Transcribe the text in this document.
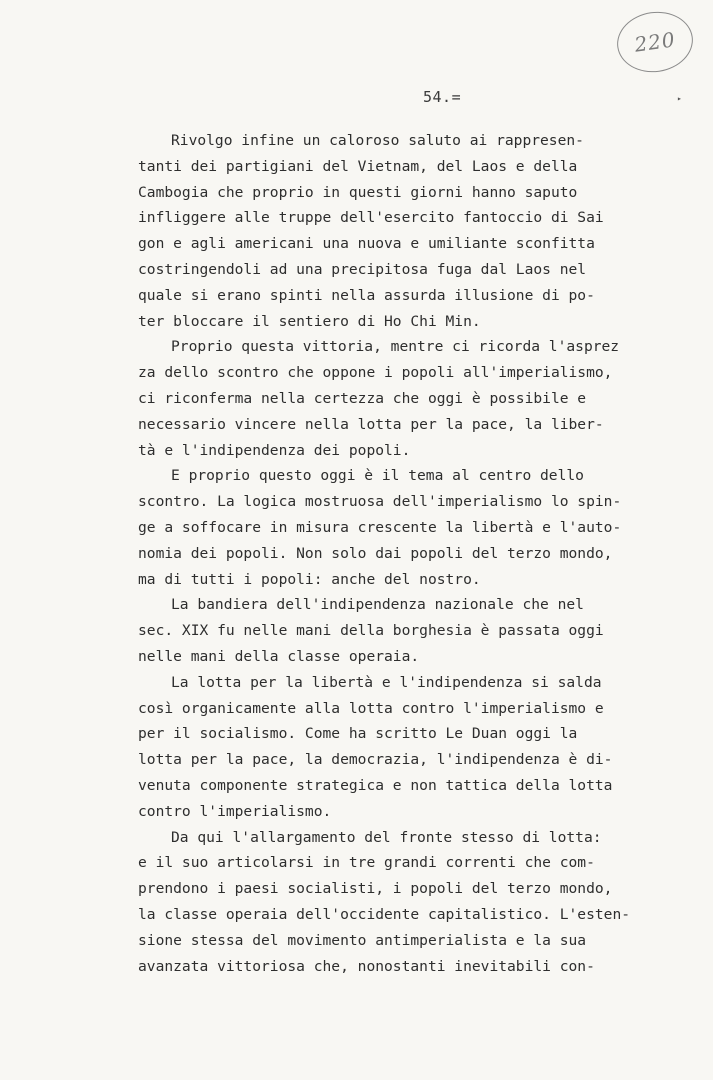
220
54.=	▸
Rivolgo infine un caloroso saluto ai rappresen-
tanti dei partigiani del Vietnam, del Laos e della
Cambogia che proprio in questi giorni hanno saputo
infliggere alle truppe dell'esercito fantoccio di Sai
gon e agli americani una nuova e umiliante sconfitta
costringendoli ad una precipitosa fuga dal Laos nel
quale si erano spinti nella assurda illusione di po-
ter bloccare il sentiero di Ho Chi Min.
Proprio questa vittoria, mentre ci ricorda l'asprez
za dello scontro che oppone i popoli all'imperialismo,
ci riconferma nella certezza che oggi è possibile e
necessario vincere nella lotta per la pace, la liber-
tà e l'indipendenza dei popoli.
E proprio questo oggi è il tema al centro dello
scontro. La logica mostruosa dell'imperialismo lo spin-
ge a soffocare in misura crescente la libertà e l'auto-
nomia dei popoli. Non solo dai popoli del terzo mondo,
ma di tutti i popoli: anche del nostro.
La bandiera dell'indipendenza nazionale che nel
sec. XIX fu nelle mani della borghesia è passata oggi
nelle mani della classe operaia.
La lotta per la libertà e l'indipendenza si salda
così organicamente alla lotta contro l'imperialismo e
per il socialismo. Come ha scritto Le Duan oggi la
lotta per la pace, la democrazia, l'indipendenza è di-
venuta componente strategica e non tattica della lotta
contro l'imperialismo.
Da qui l'allargamento del fronte stesso di lotta:
e il suo articolarsi in tre grandi correnti che com-
prendono i paesi socialisti, i popoli del terzo mondo,
la classe operaia dell'occidente capitalistico. L'esten-
sione stessa del movimento antimperialista e la sua
avanzata vittoriosa che, nonostanti inevitabili con-
